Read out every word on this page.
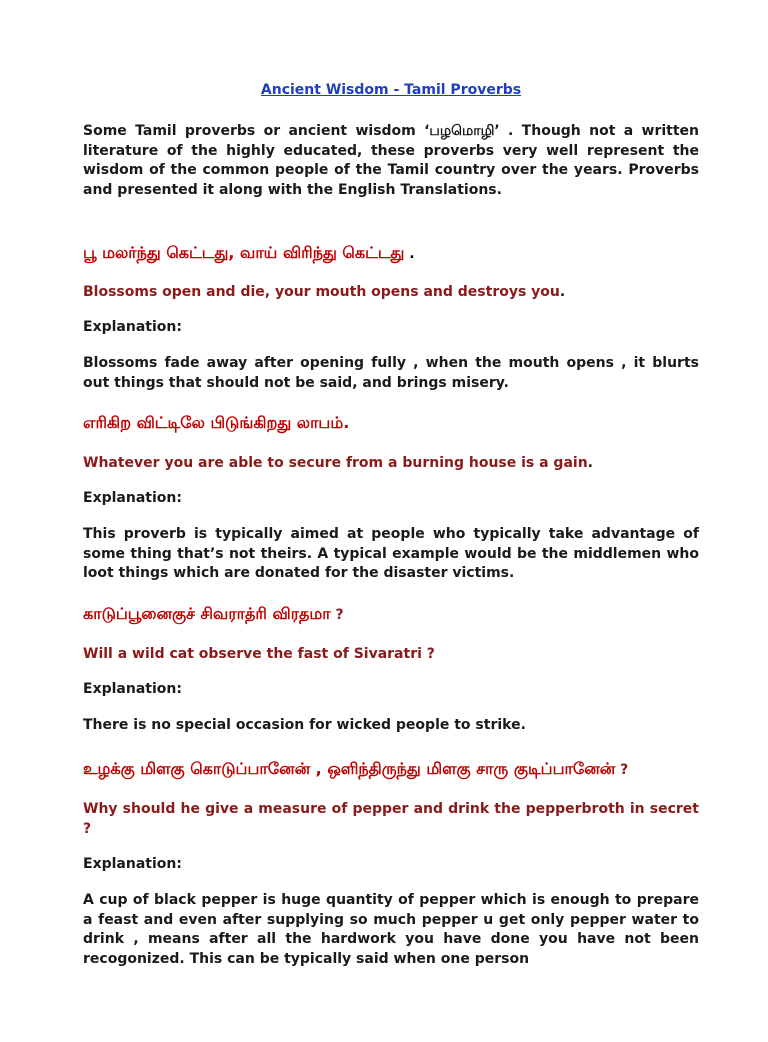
Ancient Wisdom - Tamil Proverbs

Some Tamil proverbs or ancient wisdom ‘பழமொழி’ . Though not a written literature of the highly educated, these proverbs very well represent the wisdom of the common people of the Tamil country over the years. Proverbs and presented it along with the English Translations.

பூ மலர்ந்து கெட்டது, வாய் விரிந்து கெட்டது .

Blossoms open and die, your mouth opens and destroys you.

Explanation:

Blossoms fade away after opening fully , when the mouth opens , it blurts out things that should not be said, and brings misery.

எரிகிற விட்டிலே பிடுங்கிறது லாபம்.

Whatever you are able to secure from a burning house is a gain.

Explanation:

This proverb is typically aimed at people who typically take advantage of some thing that’s not theirs. A typical example would be the middlemen who loot things which are donated for the disaster victims.

காடுப்பூனைகுச் சிவராத்ரி விரதமா ?

Will a wild cat observe the fast of Sivaratri ?

Explanation:

There is no special occasion for wicked people to strike.

உழக்கு மிளகு கொடுப்பானேன் , ஒளிந்திருந்து மிளகு சாரு குடிப்பானேன் ?

Why should he give a measure of pepper and drink the pepperbroth in secret ?

Explanation:

A cup of black pepper is huge quantity of pepper which is enough to prepare a feast and even after supplying so much pepper u get only pepper water to drink , means after all the hardwork you have done you have not been recogonized. This can be typically said when one person
